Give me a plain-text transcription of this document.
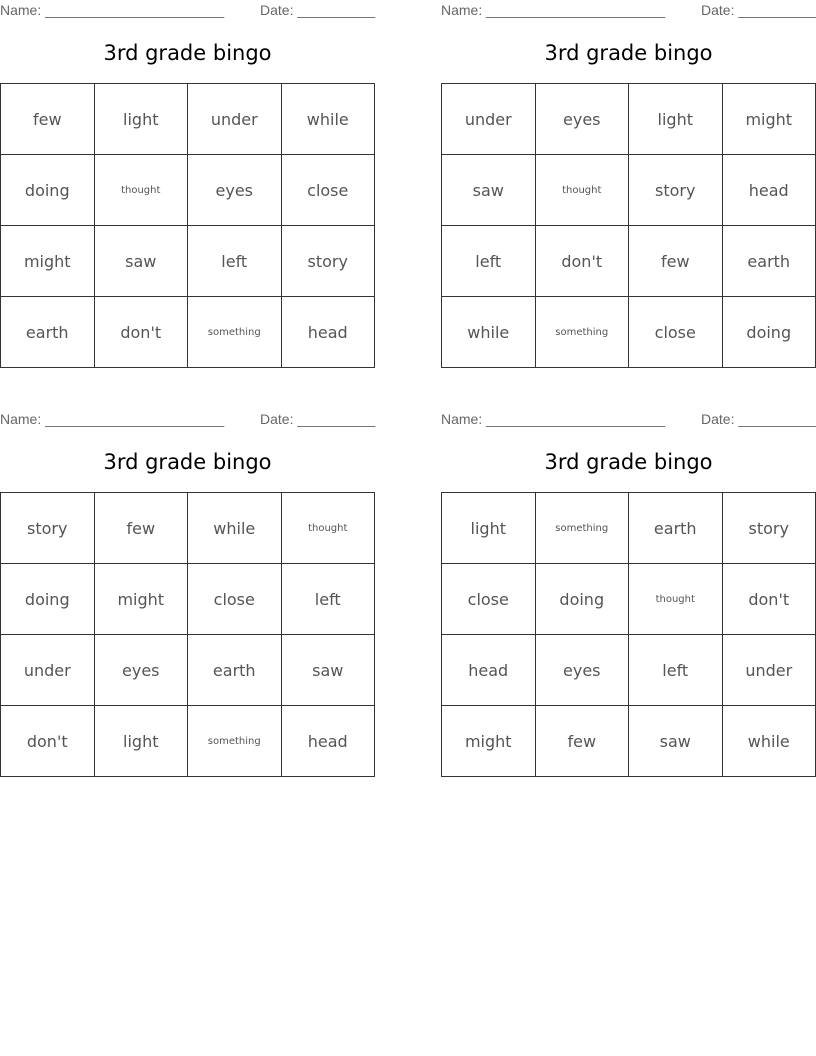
Name: _______________________	Date: __________
3rd grade bingo
few	light	under	while
doing	thought	eyes	close
might	saw	left	story
earth	don't	something	head
Name: _______________________	Date: __________
3rd grade bingo
under	eyes	light	might
saw	thought	story	head
left	don't	few	earth
while	something	close	doing
Name: _______________________	Date: __________
3rd grade bingo
story	few	while	thought
doing	might	close	left
under	eyes	earth	saw
don't	light	something	head
Name: _______________________	Date: __________
3rd grade bingo
light	something	earth	story
close	doing	thought	don't
head	eyes	left	under
might	few	saw	while
